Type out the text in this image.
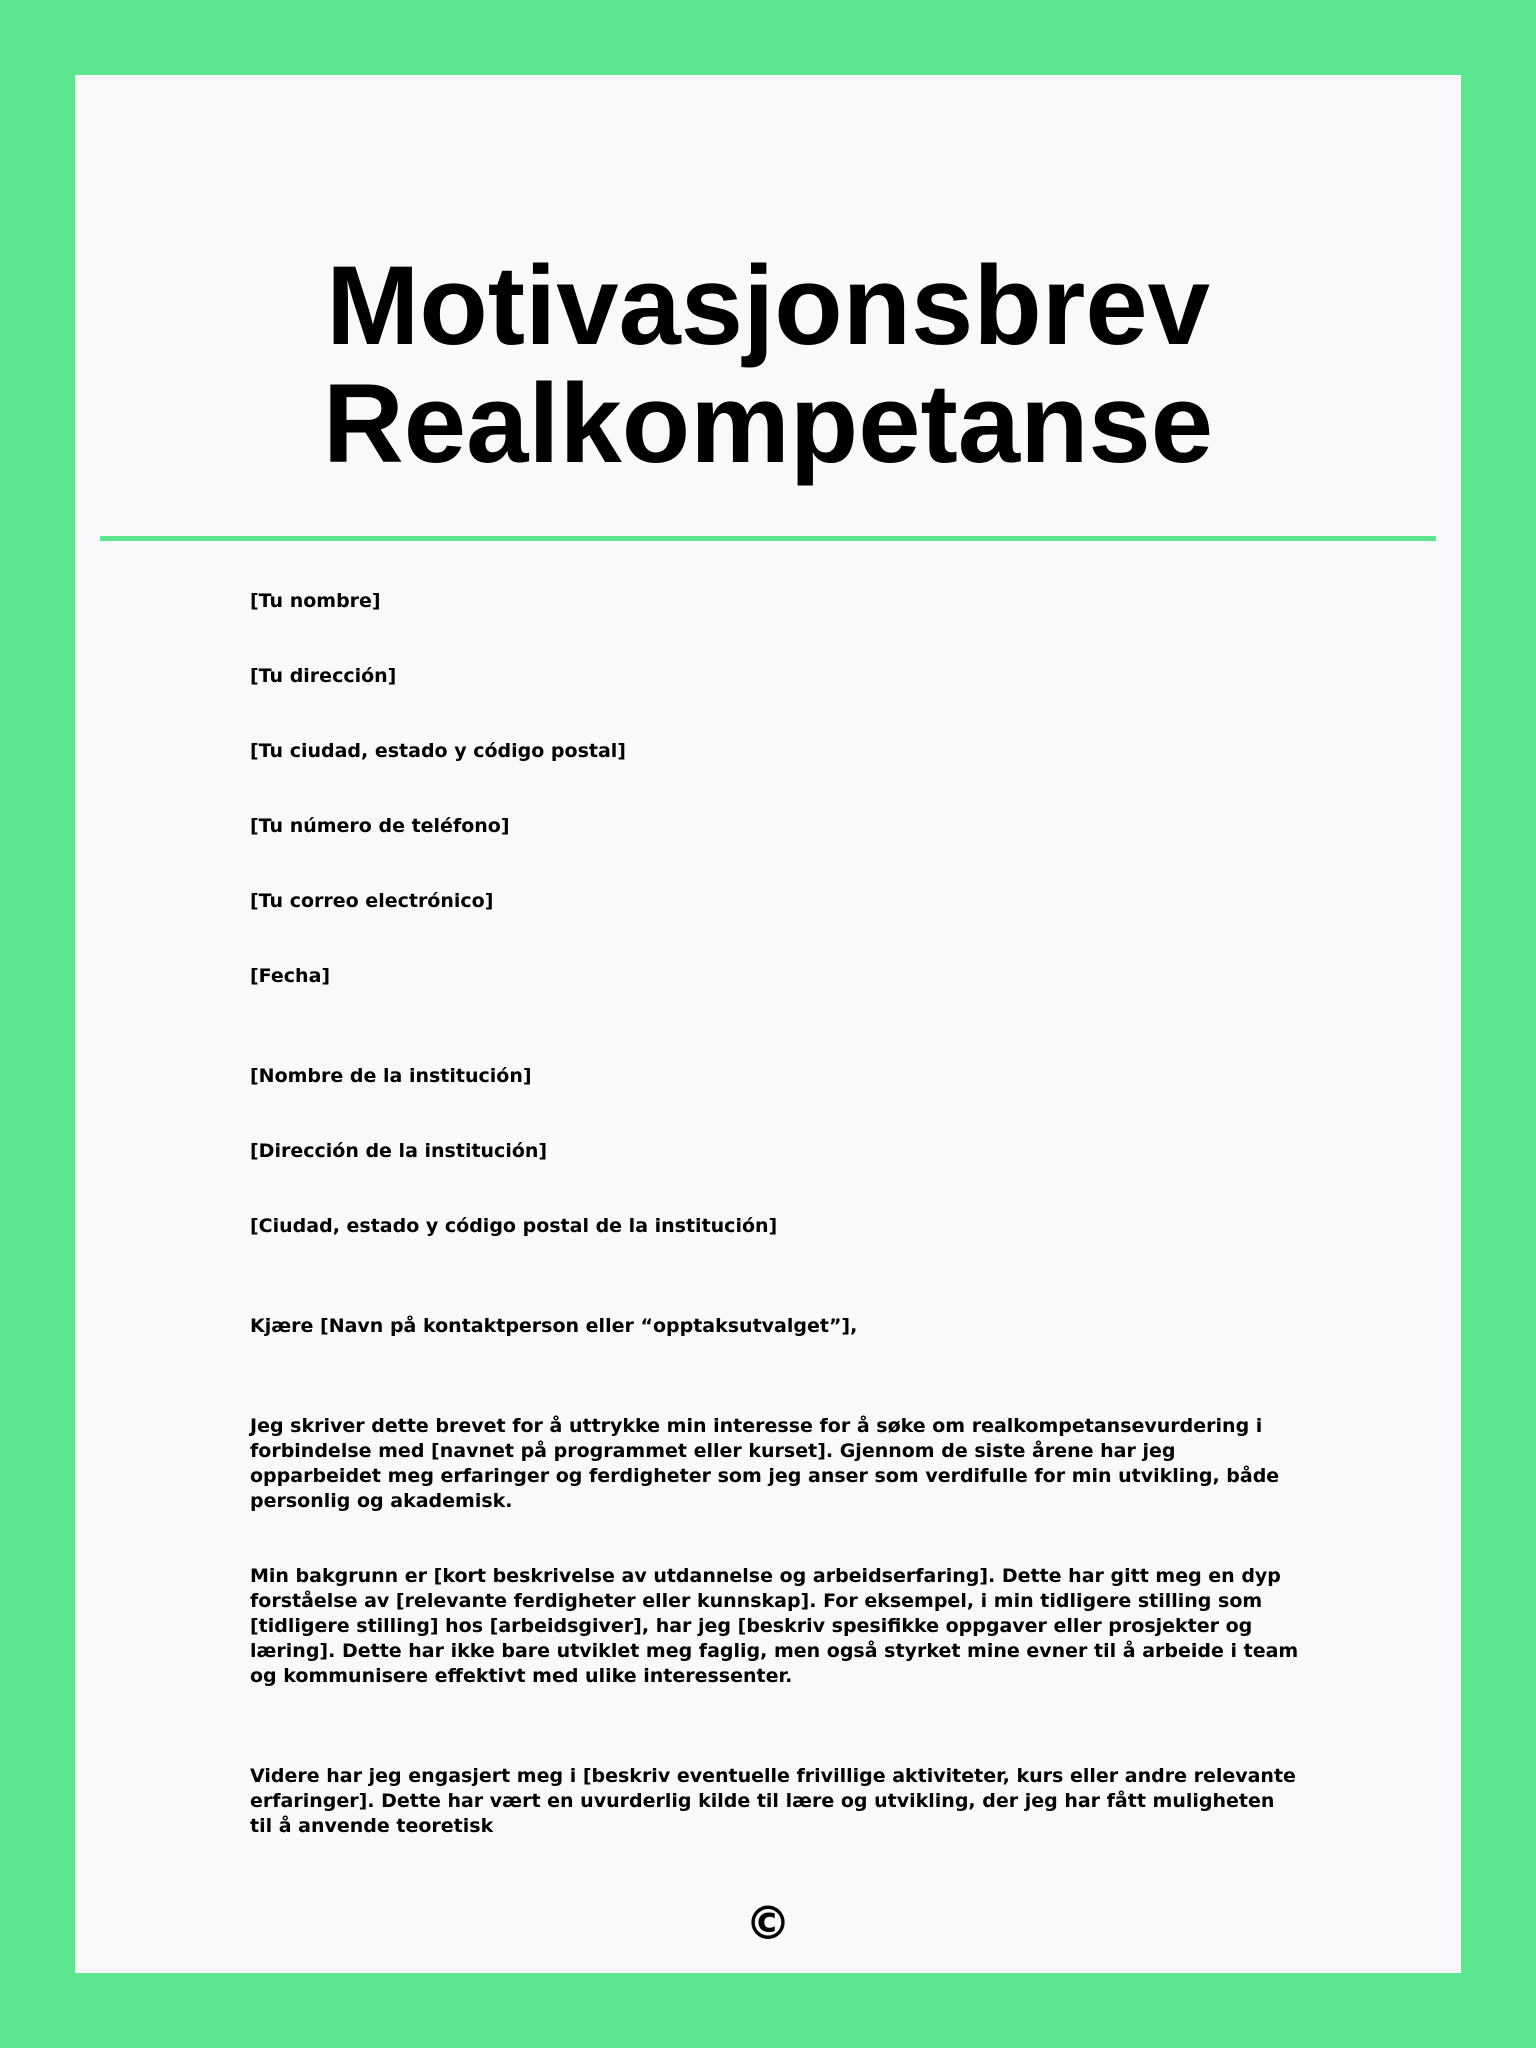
Motivasjonsbrev
Realkompetanse

[Tu nombre]

[Tu dirección]

[Tu ciudad, estado y código postal]

[Tu número de teléfono]

[Tu correo electrónico]

[Fecha]

[Nombre de la institución]

[Dirección de la institución]

[Ciudad, estado y código postal de la institución]

Kjære [Navn på kontaktperson eller “opptaksutvalget”],

Jeg skriver dette brevet for å uttrykke min interesse for å søke om realkompetansevurdering i forbindelse med [navnet på programmet eller kurset]. Gjennom de siste årene har jeg opparbeidet meg erfaringer og ferdigheter som jeg anser som verdifulle for min utvikling, både personlig og akademisk.

Min bakgrunn er [kort beskrivelse av utdannelse og arbeidserfaring]. Dette har gitt meg en dyp forståelse av [relevante ferdigheter eller kunnskap]. For eksempel, i min tidligere stilling som [tidligere stilling] hos [arbeidsgiver], har jeg [beskriv spesifikke oppgaver eller prosjekter og læring]. Dette har ikke bare utviklet meg faglig, men også styrket mine evner til å arbeide i team og kommunisere effektivt med ulike interessenter.

Videre har jeg engasjert meg i [beskriv eventuelle frivillige aktiviteter, kurs eller andre relevante erfaringer]. Dette har vært en uvurderlig kilde til lære og utvikling, der jeg har fått muligheten til å anvende teoretisk

©
